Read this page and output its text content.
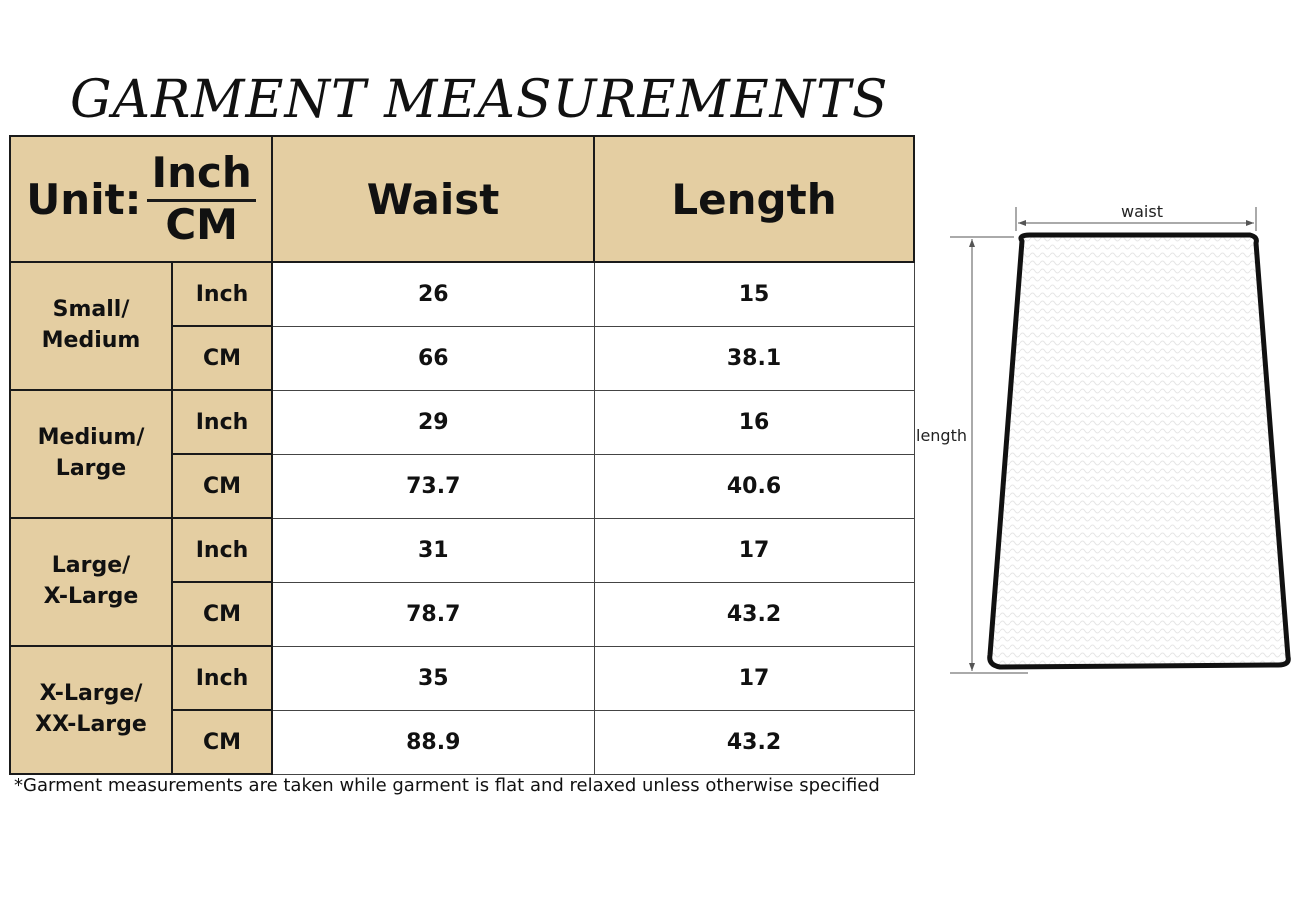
GARMENT MEASUREMENTS
Unit: $\frac{\text{Inch}}{CM}$		Waist	Length

Small/
Medium	Inch	26	15
	CM	66	38.1

Medium/
Large	Inch	29	16
	CM	73.7	40.6

Large/
X-Large	Inch	31	17
	CM	78.7	43.2

X-Large/
XX-Large	Inch	35	17
	CM	88.9	43.2
*Garment measurements are taken while garment is flat and relaxed unless otherwise specified
waist
length
